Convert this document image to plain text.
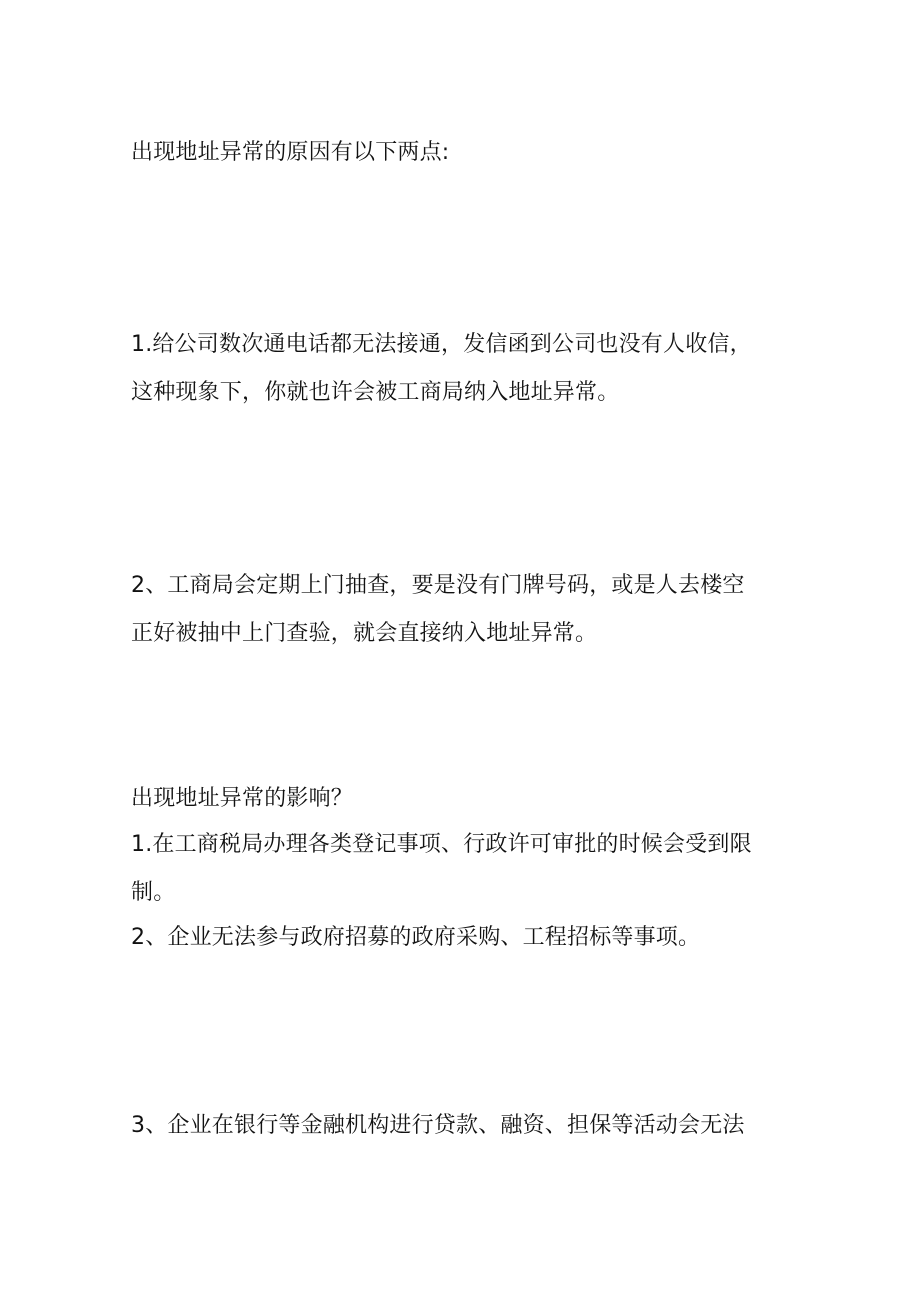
出现地址异常的原因有以下两点:
1.给公司数次通电话都无法接通，发信函到公司也没有人收信，
这种现象下，你就也许会被工商局纳入地址异常。
2、工商局会定期上门抽查，要是没有门牌号码，或是人去楼空
正好被抽中上门查验，就会直接纳入地址异常。
出现地址异常的影响？
1.在工商税局办理各类登记事项、行政许可审批的时候会受到限
制。
2、企业无法参与政府招募的政府采购、工程招标等事项。
3、企业在银行等金融机构进行贷款、融资、担保等活动会无法
